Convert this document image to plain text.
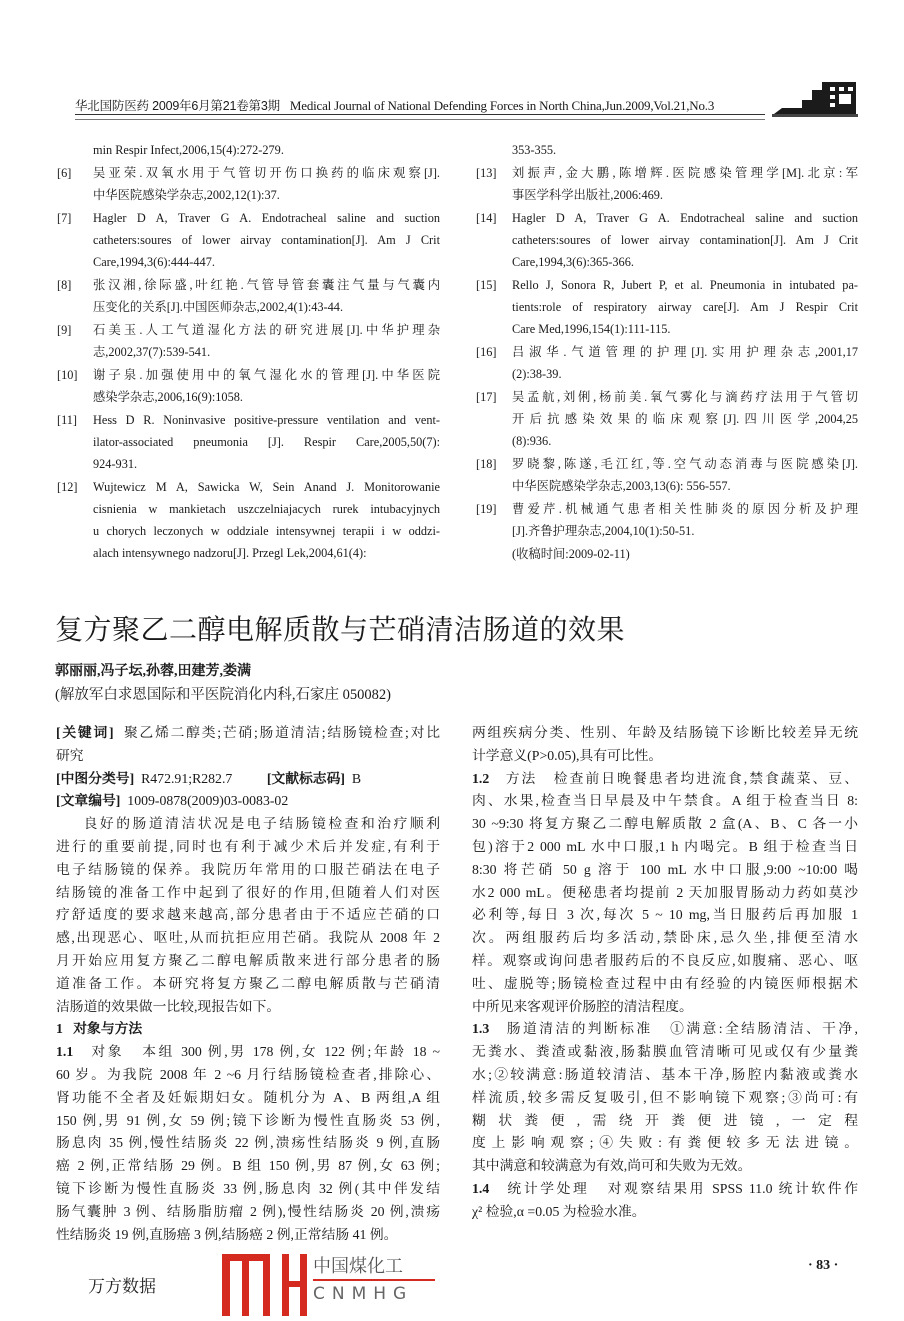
华北国防医药 2009年6月第21卷第3期 Medical Journal of National Defending Forces in North China,Jun.2009,Vol.21,No.3
min Respir Infect,2006,15(4):272-279.
[6] 吴亚荣.双氧水用于气管切开伤口换药的临床观察[J].
中华医院感染学杂志,2002,12(1):37.
[7] Hagler D A, Traver G A. Endotracheal saline and suction
catheters:soures of lower airvay contamination[J]. Am J Crit
Care,1994,3(6):444-447.
[8] 张汉湘,徐际盛,叶红艳.气管导管套囊注气量与气囊内
压变化的关系[J].中国医师杂志,2002,4(1):43-44.
[9] 石美玉.人工气道湿化方法的研究进展[J].中华护理杂
志,2002,37(7):539-541.
[10] 谢子泉.加强使用中的氧气湿化水的管理[J].中华医院
感染学杂志,2006,16(9):1058.
[11] Hess D R. Noninvasive positive-pressure ventilation and vent-
ilator-associated pneumonia [J]. Respir Care,2005,50(7):
924-931.
[12] Wujtewicz M A, Sawicka W, Sein Anand J. Monitorowanie
cisnienia w mankietach uszczelniajacych rurek intubacyjnych
u chorych leczonych w oddziale intensywnej terapii i w oddzi-
alach intensywnego nadzoru[J]. Przegl Lek,2004,61(4):
353-355.
[13] 刘振声,金大鹏,陈增辉.医院感染管理学[M].北京:军
事医学科学出版社,2006:469.
[14] Hagler D A, Traver G A. Endotracheal saline and suction
catheters:soures of lower airvay contamination[J]. Am J Crit
Care,1994,3(6):365-366.
[15] Rello J, Sonora R, Jubert P, et al. Pneumonia in intubated pa-
tients:role of respiratory airway care[J]. Am J Respir Crit
Care Med,1996,154(1):111-115.
[16] 吕淑华.气道管理的护理[J].实用护理杂志,2001,17
(2):38-39.
[17] 吴孟航,刘俐,杨前美.氧气雾化与滴药疗法用于气管切
开后抗感染效果的临床观察[J].四川医学,2004,25
(8):936.
[18] 罗晓黎,陈遂,毛江红,等.空气动态消毒与医院感染[J].
中华医院感染学杂志,2003,13(6): 556-557.
[19] 曹爱芹.机械通气患者相关性肺炎的原因分析及护理
[J].齐鲁护理杂志,2004,10(1):50-51.
(收稿时间:2009-02-11)
复方聚乙二醇电解质散与芒硝清洁肠道的效果
郭丽丽,冯子坛,孙蓉,田建芳,娄满
(解放军白求恩国际和平医院消化内科,石家庄 050082)
[关键词]  聚乙烯二醇类;芒硝;肠道清洁;结肠镜检查;对比
研究
[中图分类号]  R472.91;R282.7          [文献标志码]  B
[文章编号]  1009-0878(2009)03-0083-02
良好的肠道清洁状况是电子结肠镜检查和治疗顺利
进行的重要前提,同时也有利于减少术后并发症,有利于
电子结肠镜的保养。我院历年常用的口服芒硝法在电子
结肠镜的准备工作中起到了很好的作用,但随着人们对医
疗舒适度的要求越来越高,部分患者由于不适应芒硝的口
感,出现恶心、呕吐,从而抗拒应用芒硝。我院从 2008 年 2
月开始应用复方聚乙二醇电解质散来进行部分患者的肠
道准备工作。本研究将复方聚乙二醇电解质散与芒硝清
洁肠道的效果做一比较,现报告如下。
1   对象与方法
1.1   对象   本组 300 例,男 178 例,女 122 例;年龄 18 ~
60 岁。为我院 2008 年 2 ~6 月行结肠镜检查者,排除心、
肾功能不全者及妊娠期妇女。随机分为 A、B 两组,A 组
150 例,男 91 例,女 59 例;镜下诊断为慢性直肠炎 53 例,
肠息肉 35 例,慢性结肠炎 22 例,溃疡性结肠炎 9 例,直肠
癌 2 例,正常结肠 29 例。B 组 150 例,男 87 例,女 63 例;
镜下诊断为慢性直肠炎 33 例,肠息肉 32 例(其中伴发结
肠气囊肿 3 例、结肠脂肪瘤 2 例),慢性结肠炎 20 例,溃疡
性结肠炎 19 例,直肠癌 3 例,结肠癌 2 例,正常结肠 41 例。
两组疾病分类、性别、年龄及结肠镜下诊断比较差异无统
计学意义(P>0.05),具有可比性。
1.2   方法   检查前日晚餐患者均进流食,禁食蔬菜、豆、
肉、水果,检查当日早晨及中午禁食。A 组于检查当日 8:
30 ~9:30 将复方聚乙二醇电解质散 2 盒(A、B、C 各一小
包)溶于2 000 mL 水中口服,1 h 内喝完。B 组于检查当日
8:30 将芒硝 50 g 溶于 100 mL 水中口服,9:00 ~10:00 喝
水2 000 mL。便秘患者均提前 2 天加服胃肠动力药如莫沙
必利等,每日 3 次,每次 5 ~ 10 mg,当日服药后再加服 1
次。两组服药后均多活动,禁卧床,忌久坐,排便至清水
样。观察或询问患者服药后的不良反应,如腹痛、恶心、呕
吐、虚脱等;肠镜检查过程中由有经验的内镜医师根据术
中所见来客观评价肠腔的清洁程度。
1.3   肠道清洁的判断标准   ①满意:全结肠清洁、干净,
无粪水、粪渣或黏液,肠黏膜血管清晰可见或仅有少量粪
水;②较满意:肠道较清洁、基本干净,肠腔内黏液或粪水
样流质,较多需反复吸引,但不影响镜下观察;③尚可:有
糊状粪便,需绕开粪便进镜,一定程
度上影响观察;④失败:有粪便较多无法进镜。
其中满意和较满意为有效,尚可和失败为无效。
1.4   统计学处理   对观察结果用 SPSS 11.0 统计软件作
χ² 检验,α =0.05 为检验水准。
中国煤化工
CNMHG
· 83 ·
万方数据
